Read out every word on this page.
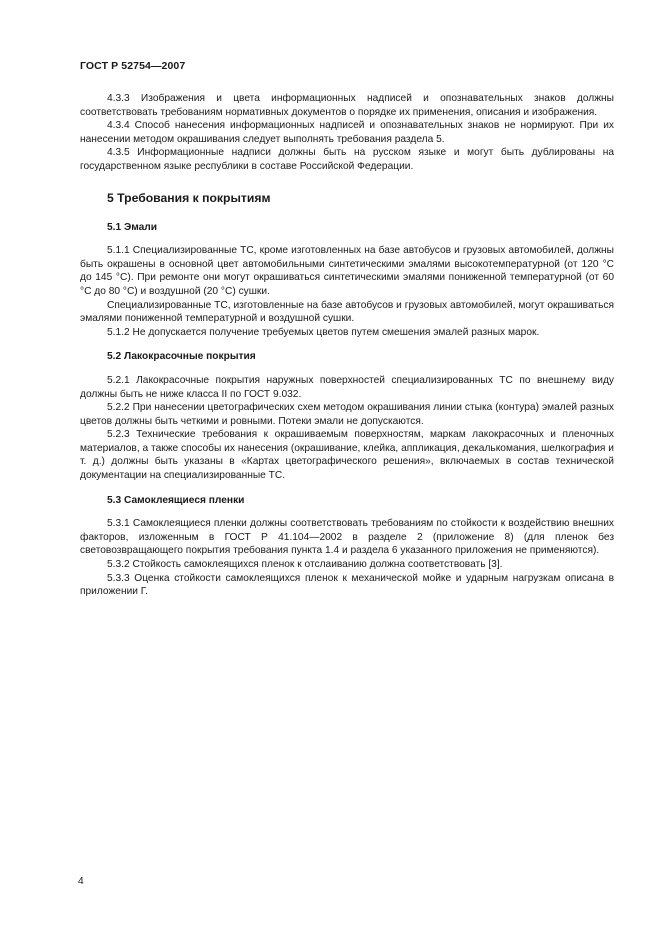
ГОСТ Р 52754—2007

4.3.3 Изображения и цвета информационных надписей и опознавательных знаков должны соответствовать требованиям нормативных документов о порядке их применения, описания и изображения.

4.3.4 Способ нанесения информационных надписей и опознавательных знаков не нормируют. При их нанесении методом окрашивания следует выполнять требования раздела 5.

4.3.5 Информационные надписи должны быть на русском языке и могут быть дублированы на государственном языке республики в составе Российской Федерации.

5 Требования к покрытиям
5.1 Эмали

5.1.1 Специализированные ТС, кроме изготовленных на базе автобусов и грузовых автомобилей, должны быть окрашены в основной цвет автомобильными синтетическими эмалями высокотемпературной (от 120 °С до 145 °С). При ремонте они могут окрашиваться синтетическими эмалями пониженной температурной (от 60 °С до 80 °С) и воздушной (20 °С) сушки.

Специализированные ТС, изготовленные на базе автобусов и грузовых автомобилей, могут окрашиваться эмалями пониженной температурной и воздушной сушки.

5.1.2 Не допускается получение требуемых цветов путем смешения эмалей разных марок.

5.2 Лакокрасочные покрытия

5.2.1 Лакокрасочные покрытия наружных поверхностей специализированных ТС по внешнему виду должны быть не ниже класса II по ГОСТ 9.032.

5.2.2 При нанесении цветографических схем методом окрашивания линии стыка (контура) эмалей разных цветов должны быть четкими и ровными. Потеки эмали не допускаются.

5.2.3 Технические требования к окрашиваемым поверхностям, маркам лакокрасочных и пленочных материалов, а также способы их нанесения (окрашивание, клейка, аппликация, декалькомания, шелкография и т. д.) должны быть указаны в «Картах цветографического решения», включаемых в состав технической документации на специализированные ТС.

5.3 Самоклеящиеся пленки

5.3.1 Самоклеящиеся пленки должны соответствовать требованиям по стойкости к воздействию внешних факторов, изложенным в ГОСТ Р 41.104—2002 в разделе 2 (приложение 8) (для пленок без световозвращающего покрытия требования пункта 1.4 и раздела 6 указанного приложения не применяются).

5.3.2 Стойкость самоклеящихся пленок к отслаиванию должна соответствовать [3].

5.3.3 Оценка стойкости самоклеящихся пленок к механической мойке и ударным нагрузкам описана в приложении Г.

4
